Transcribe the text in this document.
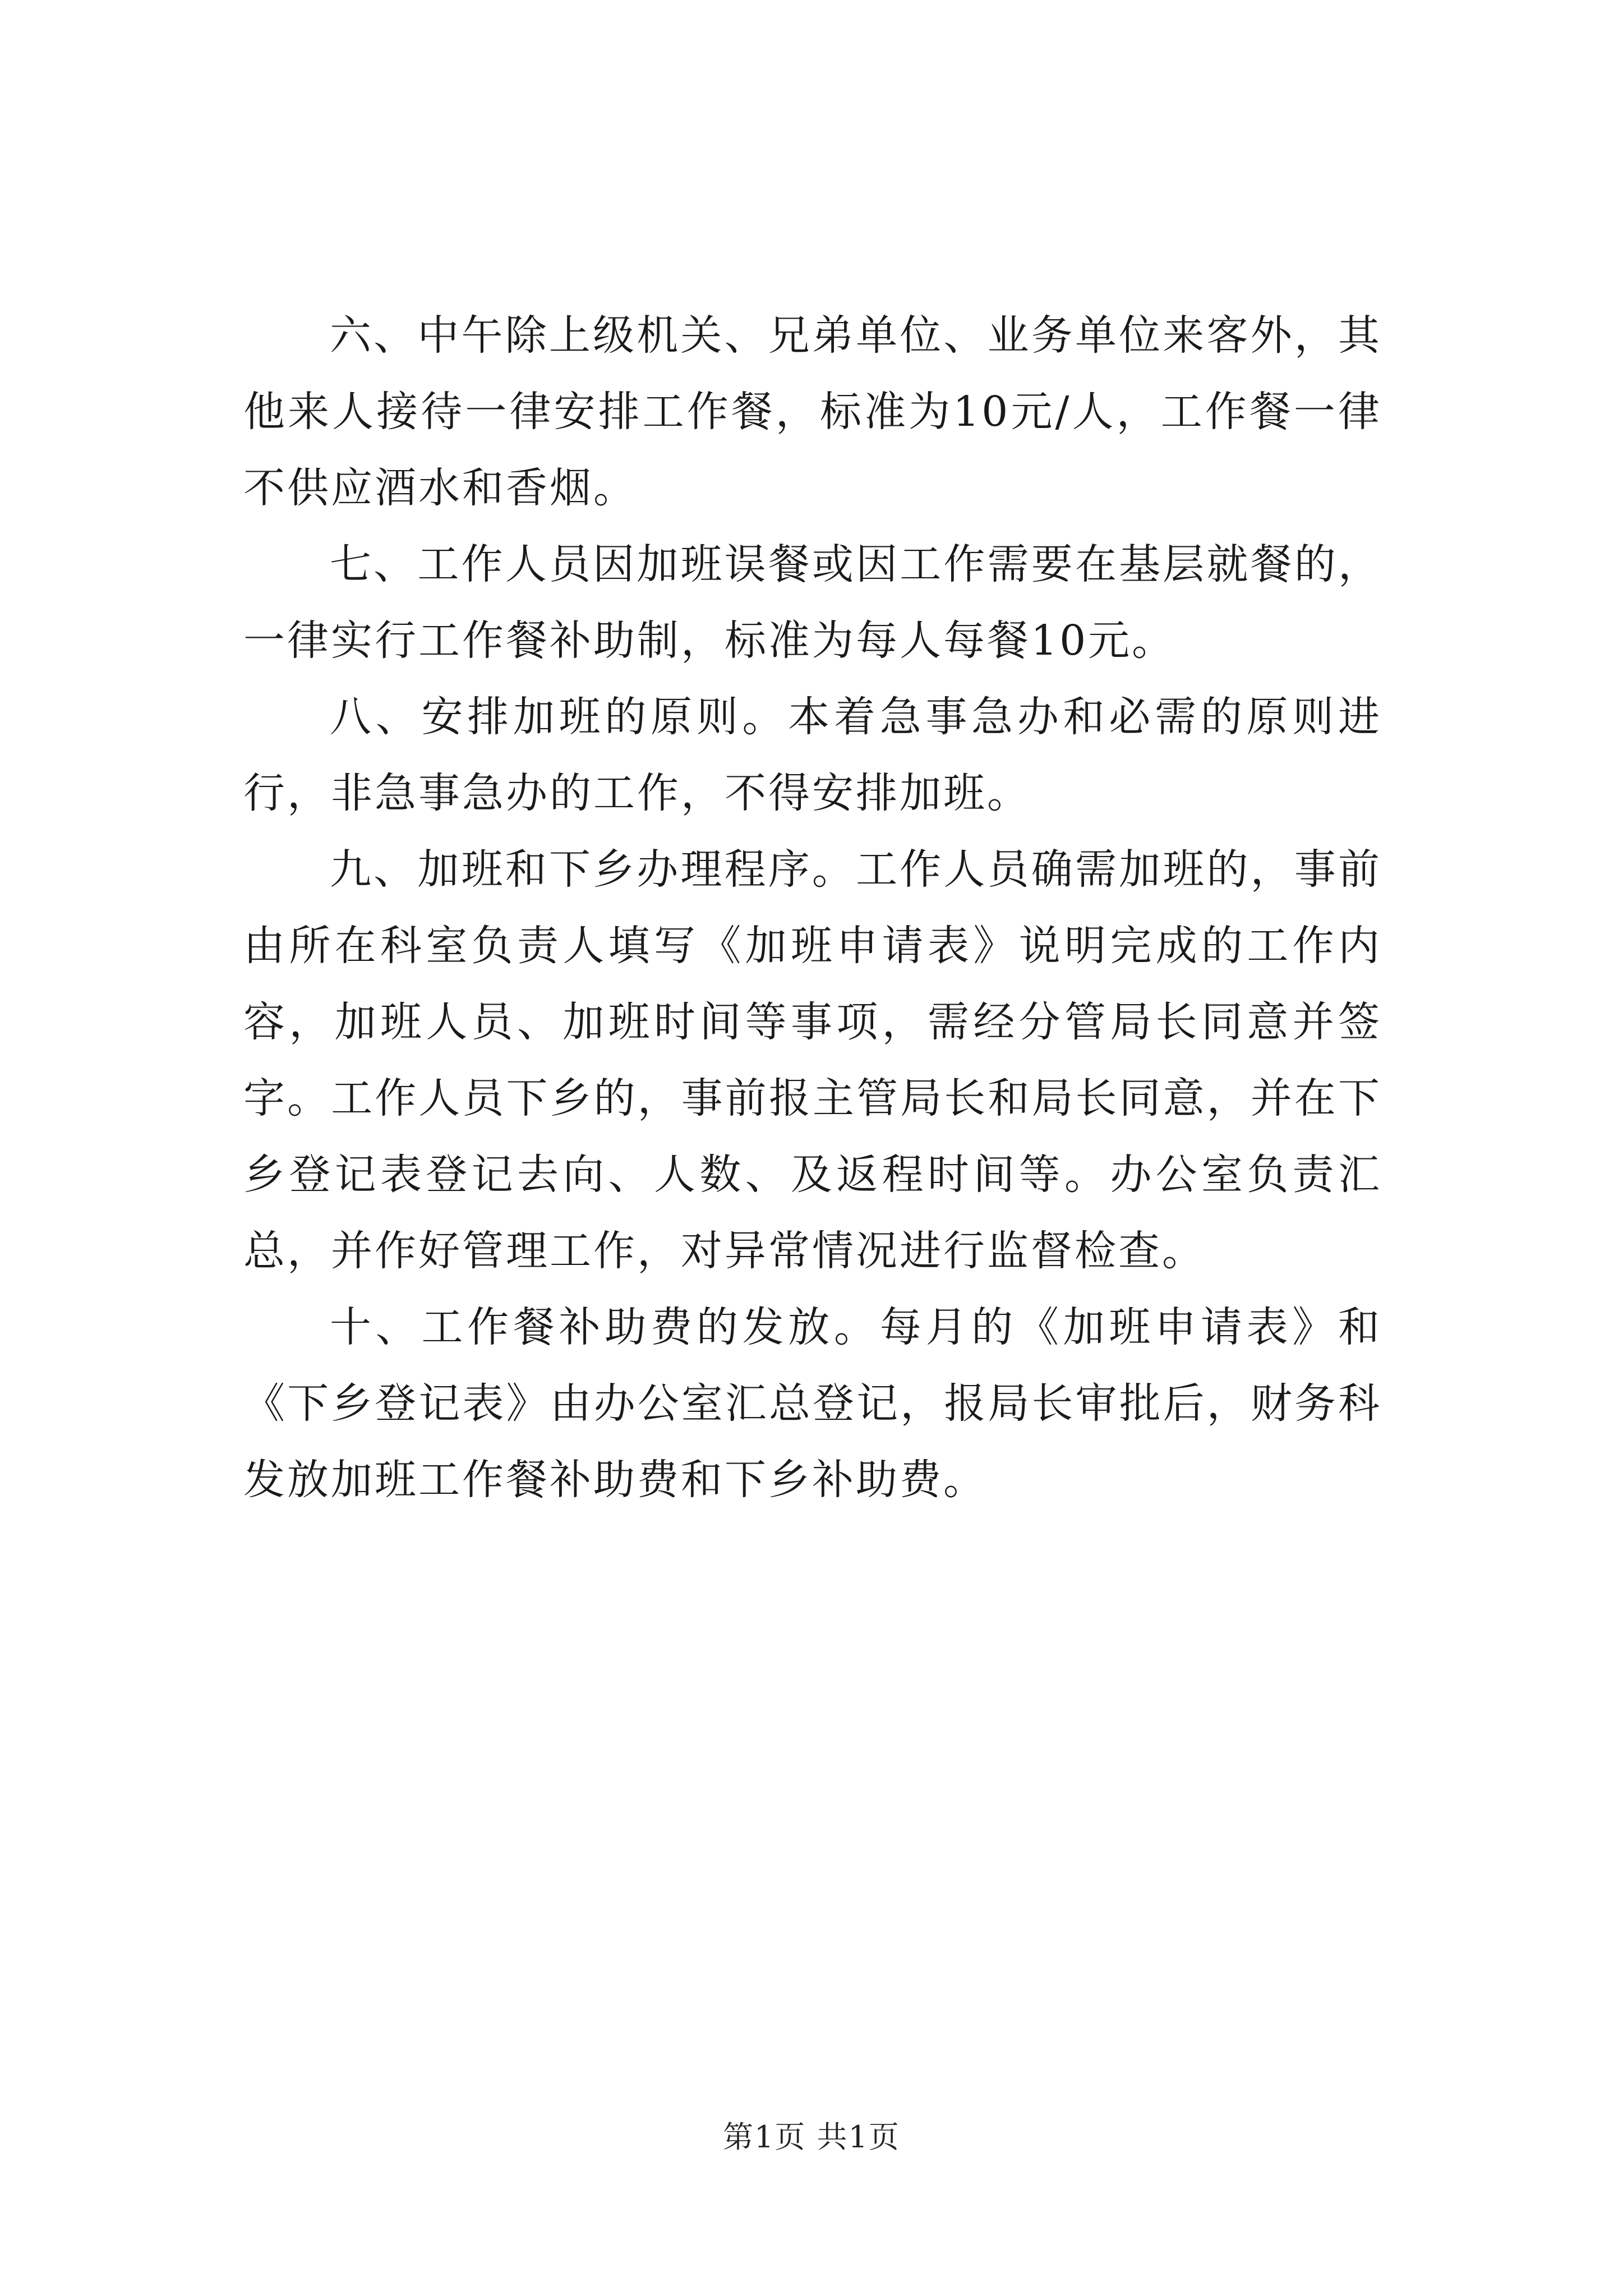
六、中午除上级机关、兄弟单位、业务单位来客外，其他来人接待一律安排工作餐，标准为10元/人，工作餐一律不供应酒水和香烟。

七、工作人员因加班误餐或因工作需要在基层就餐的，一律实行工作餐补助制，标准为每人每餐10元。

八、安排加班的原则。本着急事急办和必需的原则进行，非急事急办的工作，不得安排加班。

九、加班和下乡办理程序。工作人员确需加班的，事前由所在科室负责人填写《加班申请表》说明完成的工作内容，加班人员、加班时间等事项，需经分管局长同意并签字。工作人员下乡的，事前报主管局长和局长同意，并在下乡登记表登记去向、人数、及返程时间等。办公室负责汇总，并作好管理工作，对异常情况进行监督检查。

十、工作餐补助费的发放。每月的《加班申请表》和《下乡登记表》由办公室汇总登记，报局长审批后，财务科发放加班工作餐补助费和下乡补助费。

第1页 共1页
